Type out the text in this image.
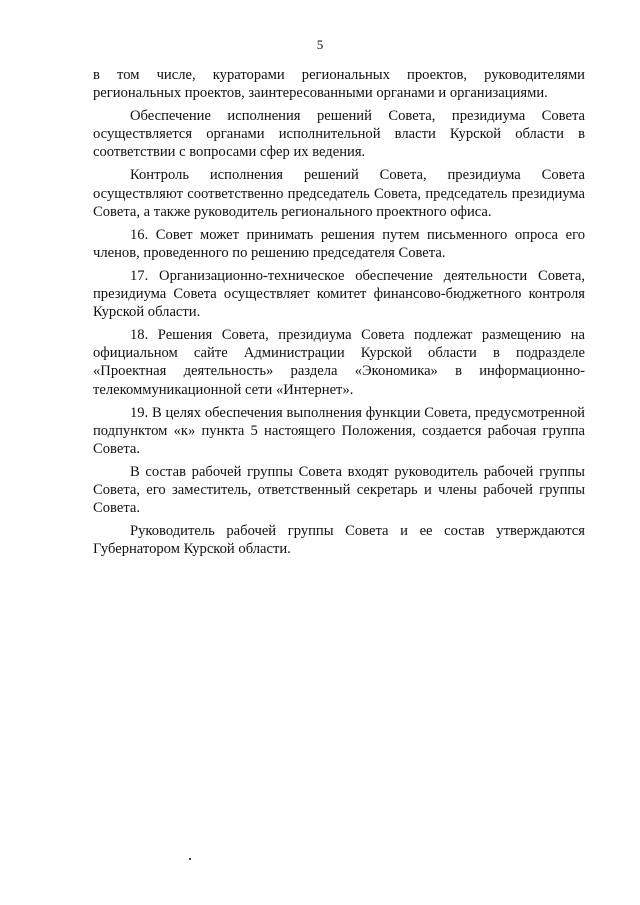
5

в том числе, кураторами региональных проектов, руководителями региональных проектов, заинтересованными органами и организациями.

Обеспечение исполнения решений Совета, президиума Совета осуществляется органами исполнительной власти Курской области в соответствии с вопросами сфер их ведения.

Контроль исполнения решений Совета, президиума Совета осуществляют соответственно председатель Совета, председатель президиума Совета, а также руководитель регионального проектного офиса.

16. Совет может принимать решения путем письменного опроса его членов, проведенного по решению председателя Совета.

17. Организационно-техническое обеспечение деятельности Совета, президиума Совета осуществляет комитет финансово-бюджетного контроля Курской области.

18. Решения Совета, президиума Совета подлежат размещению на официальном сайте Администрации Курской области в подразделе «Проектная деятельность» раздела «Экономика» в информационно-телекоммуникационной сети «Интернет».

19. В целях обеспечения выполнения функции Совета, предусмотренной подпунктом «к» пункта 5 настоящего Положения, создается рабочая группа Совета.

В состав рабочей группы Совета входят руководитель рабочей группы Совета, его заместитель, ответственный секретарь и члены рабочей группы Совета.

Руководитель рабочей группы Совета и ее состав утверждаются Губернатором Курской области.
